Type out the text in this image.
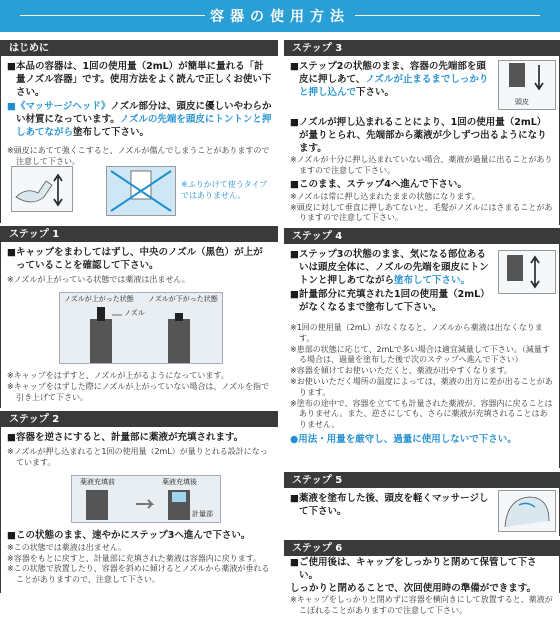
容器の使用方法
はじめに
■本品の容器は、1回の使用量（2mL）が簡単に量れる「計量ノズル容器」です。使用方法をよく読んで正しくお使い下さい。
■《マッサージヘッド》ノズル部分は、頭皮に優しいやわらかい材質になっています。ノズルの先端を頭皮にトントンと押しあてながら塗布して下さい。
※頭皮にあてて強くこすると、ノズルが傷んでしまうことがありますので注意して下さい。
※ふりかけて使うタイプではありません。
ステップ 1
■キャップをまわしてはずし、中央のノズル（黒色）が上がっていることを確認して下さい。
※ノズルが上がっている状態では薬液は出ません。
ノズルが上がった状態 ノズルが下がった状態
ノズル
※キャップをはずすと、ノズルが上がるようになっています。
※キャップをはずした際にノズルが上がっていない場合は、ノズルを指で引き上げて下さい。
ステップ 2
■容器を逆さにすると、計量部に薬液が充填されます。
※ノズルが押し込まれると1回の使用量（2mL）が量りとれる設計になっています。
薬液充填前	薬液充填後
計量部
■この状態のまま、速やかにステップ3へ進んで下さい。
※この状態では薬液は出ません。
※容器をもとに戻すと、計量部に充填された薬液は容器内に戻ります。
※この状態で放置したり、容器を斜めに傾けるとノズルから薬液が垂れることがありますので、注意して下さい。
ステップ 3
■ステップ2の状態のまま、容器の先端部を頭皮に押しあて、ノズルが止まるまでしっかりと押し込んで下さい。
頭皮
■ノズルが押し込まれることにより、1回の使用量（2mL）が量りとられ、先端部から薬液が少しずつ出るようになります。
※ノズルが十分に押し込まれていない場合、薬液が過量に出ることがありますので注意して下さい。
■このまま、ステップ4へ進んで下さい。
※ノズルは常に押し込まれたままの状態になります。
※頭皮に対して垂直に押しあてないと、毛髪がノズルにはさまることがありますので注意して下さい。
ステップ 4
■ステップ3の状態のまま、気になる部位あるいは頭皮全体に、ノズルの先端を頭皮にトントンと押しあてながら塗布して下さい。
■計量部分に充填された1回の使用量（2mL）がなくなるまで塗布して下さい。
※1回の使用量（2mL）がなくなると、ノズルから薬液は出なくなります。
※患部の状態に応じて、2mLで多い場合は適宜減量して下さい。（減量する場合は、過量を塗布した後で次のステップへ進んで下さい）
※容器を傾けてお使いいただくと、薬液が出やすくなります。
※お使いいただく場所の温度によっては、薬液の出方に差が出ることがあります。
※塗布の途中で、容器を立てても計量された薬液が、容器内に戻ることはありません。また、逆さにしても、さらに薬液が充填されることはありません。
●用法・用量を厳守し、過量に使用しないで下さい。
ステップ 5
■薬液を塗布した後、頭皮を軽くマッサージして下さい。
ステップ 6
■ご使用後は、キャップをしっかりと閉めて保管して下さい。
しっかりと閉めることで、次回使用時の準備ができます。
※キャップをしっかりと閉めずに容器を横向きにして放置すると、薬液がこぼれることがありますので注意して下さい。
